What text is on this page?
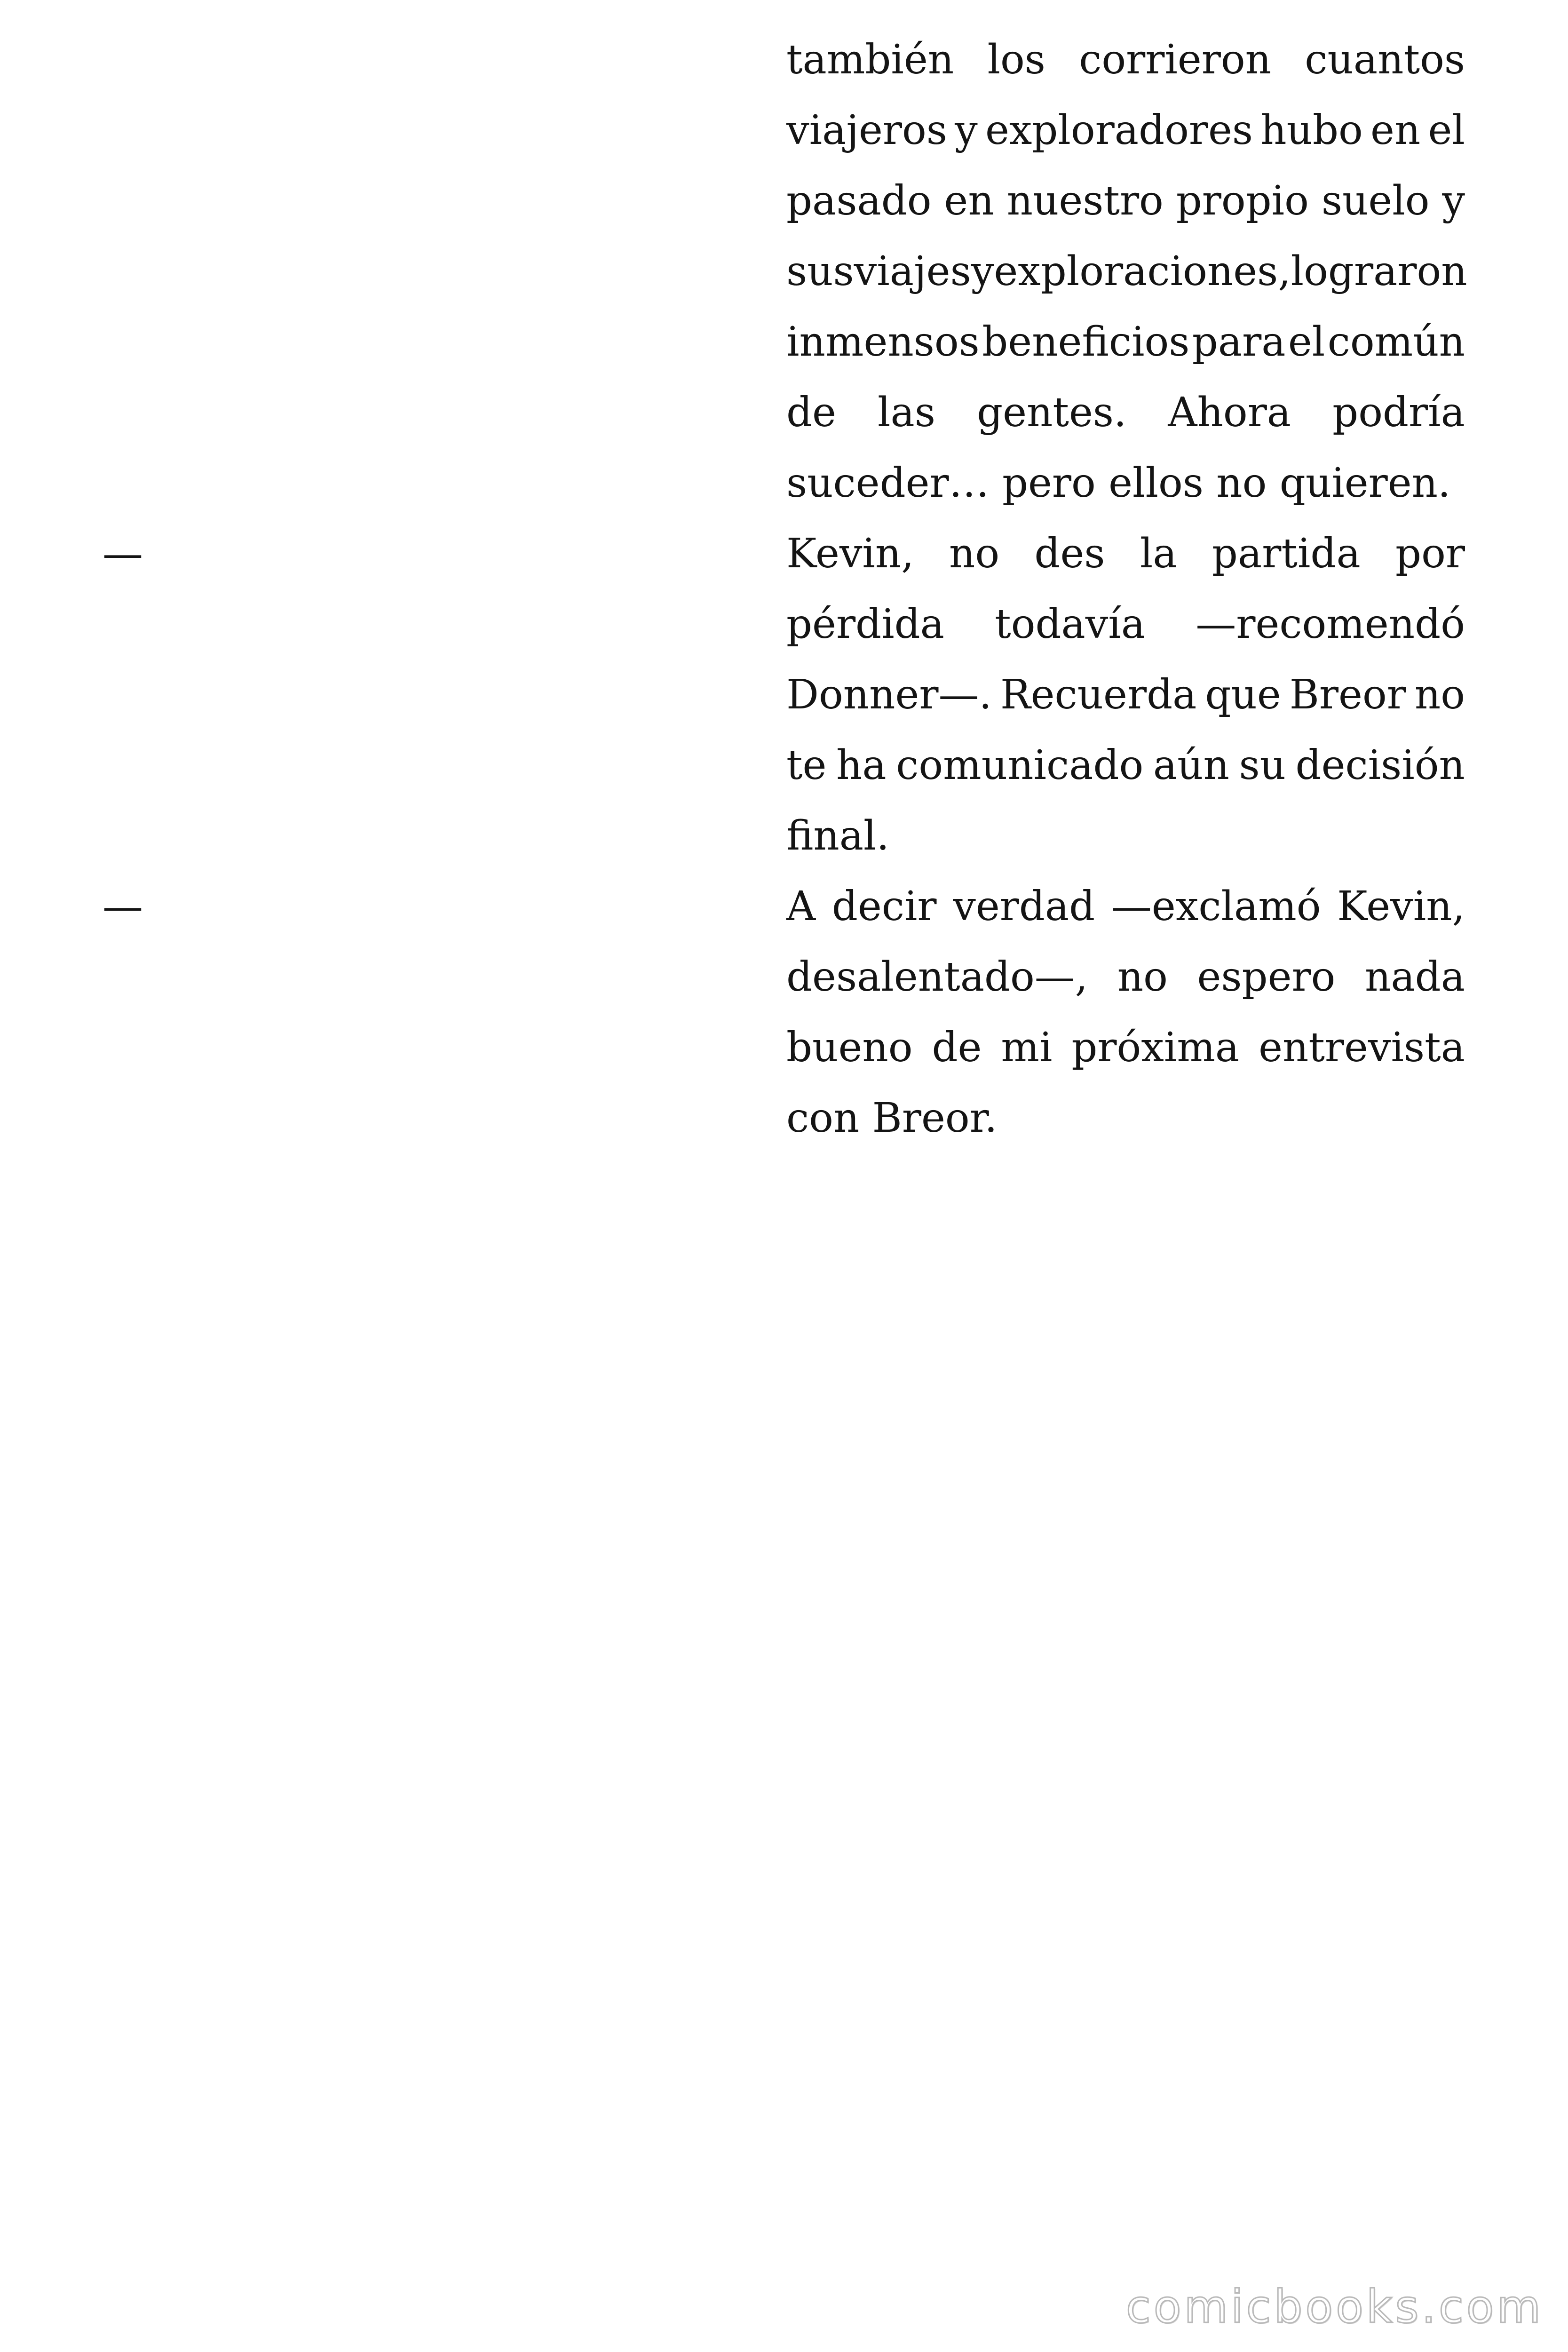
—
—
también los corrieron cuantos
viajeros y exploradores hubo en el
pasado en nuestro propio suelo y
sus viajes y exploraciones, lograron
inmensos beneficios para el común
de las gentes. Ahora podría
suceder… pero ellos no quieren.
Kevin, no des la partida por
pérdida todavía —recomendó
Donner—. Recuerda que Breor no
te ha comunicado aún su decisión
final.
A decir verdad —exclamó Kevin,
desalentado—, no espero nada
bueno de mi próxima entrevista
con Breor.
comicbooks.com
